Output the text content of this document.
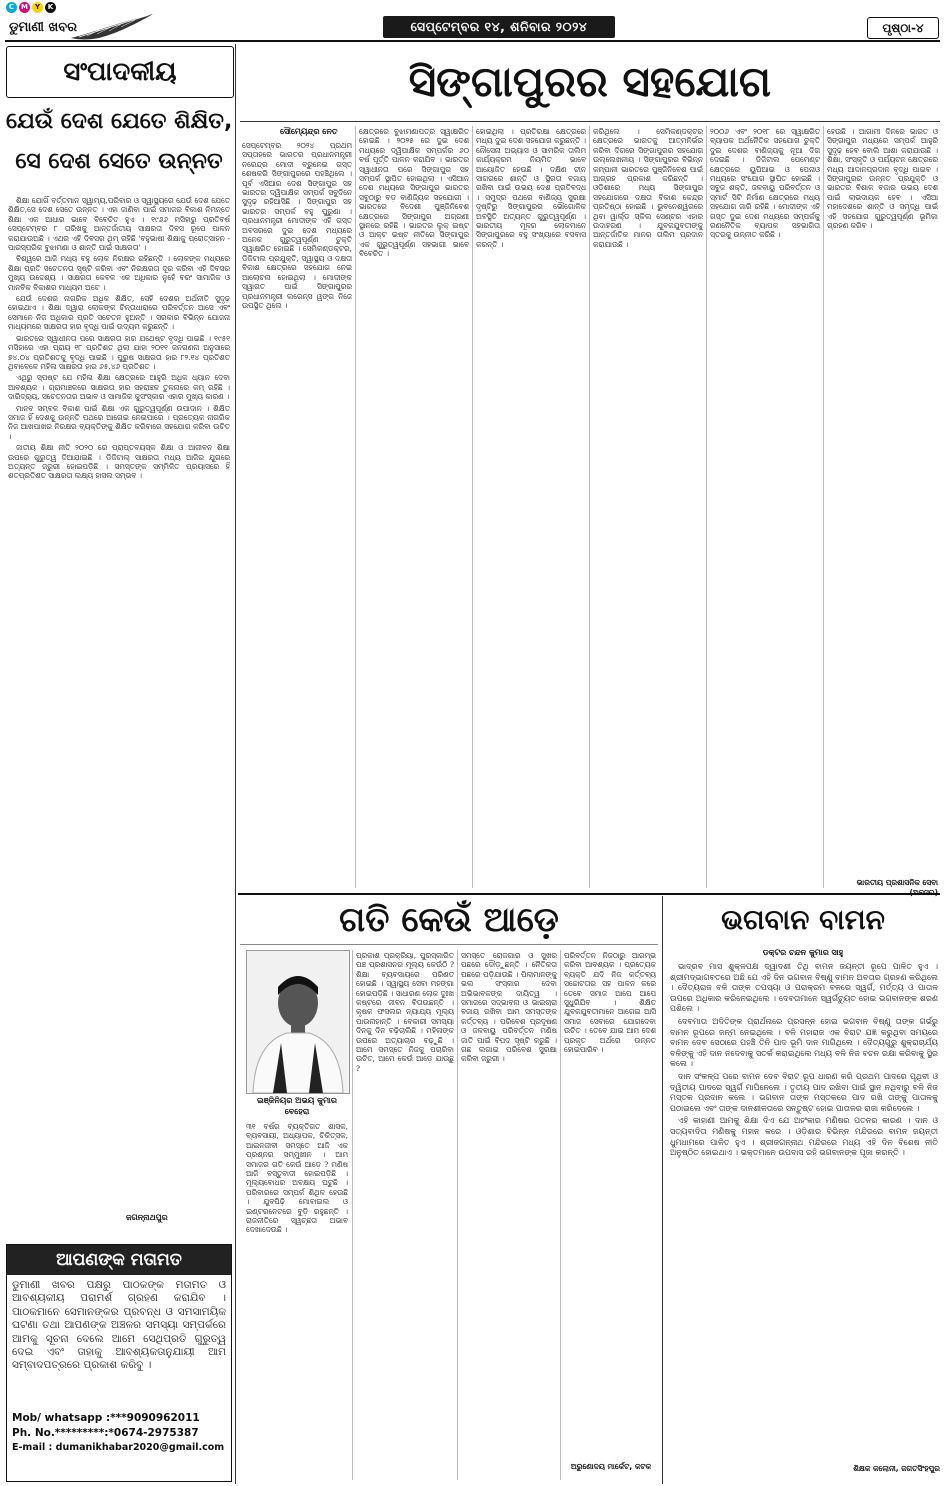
C M Y	K
ଡୁମାଣୀ ଖବର	ସେପ୍ଟେମ୍ବର ୧୪, ଶନିବାର ୨୦୨୪	ପୃଷ୍ଠା-୪
ସଂପାଦକୀୟ
ଯେଉଁ ଦେଶ ଯେତେ ଶିକ୍ଷିତ,
ସେ ଦେଶ ସେତେ ଉନ୍ନତ

ଶିକ୍ଷା ଯୋଗିଁ ବର୍ତ୍ତମାନ ସ୍ୱାମ୍ୟ,ପରିବାର ଓ ସ୍ୱାସ୍ଥ୍ୟରେ ଯେଉଁ ଦେଶ ଯେତେ ଶିକ୍ଷିତ,ସେ ଦେଶ ସେତେ ଉନ୍ନତ । ଏହା ଜାଣିବା ପାଇଁ ସମାଜର ବିକାଶ ନିମନ୍ତେ ଶିକ୍ଷା ଏକ ଆଧାର ଭାବେ ବିବେଚିତ ହୁଏ । ୧୯୬୬ ମସିହାରୁ ପ୍ରତିବର୍ଷ ସେପ୍ଟେମ୍ବର ୮ ତାରିଖକୁ ଆନ୍ତର୍ଜାତୀୟ ସାକ୍ଷରତା ଦିବସ ରୂପେ ପାଳନ କରାଯାଉଅଛି । ଏଥର ଏହି ଦିବସର ଥିମ୍ ରହିଛି 'ବହୁଭାଷୀ ଶିକ୍ଷାକୁ ପ୍ରୋତ୍ସାହନ - ପାରସ୍ପରିକ ବୁଝାମଣା ଓ ଶାନ୍ତି ପାଇଁ ସାକ୍ଷରତା' ।

ବିଶ୍ୱରେ ଆଜି ମଧ୍ୟ ବହୁ ଲୋକ ନିରକ୍ଷର ରହିଛନ୍ତି । ଲୋକଙ୍କ ମଧ୍ୟରେ ଶିକ୍ଷା ପ୍ରତି ସଚେତନତା ସୃଷ୍ଟି କରିବା ଏବଂ ନିରକ୍ଷରତା ଦୂର କରିବା ଏହି ଦିବସର ମୁଖ୍ୟ ଉଦ୍ଦେଶ୍ୟ । ସାକ୍ଷରତା କେବଳ ଏକ ଅଧିକାର ନୁହେଁ ବରଂ ସାମାଜିକ ଓ ମାନବିକ ବିକାଶର ମାଧ୍ୟମ ଅଟେ ।

ଯେଉଁ ଦେଶର ନାଗରିକ ଅଧିକ ଶିକ୍ଷିତ, ସେହି ଦେଶର ଅର୍ଥନୀତି ସୁଦୃଢ଼ ହୋଇଥାଏ । ଶିକ୍ଷା ଦ୍ୱାରା ଲୋକଙ୍କ ଚିନ୍ତାଧାରାରେ ପରିବର୍ତ୍ତନ ଆସେ ଏବଂ ସେମାନେ ନିଜ ଅଧିକାର ପ୍ରତି ସଚେତନ ହୁଅନ୍ତି । ସରକାର ବିଭିନ୍ନ ଯୋଜନା ମାଧ୍ୟମରେ ସାକ୍ଷରତା ହାର ବୃଦ୍ଧି ପାଇଁ ଉଦ୍ୟମ କରୁଛନ୍ତି ।

ଭାରତରେ ସ୍ୱାଧୀନତା ପରେ ସାକ୍ଷରତା ହାର ଯଥେଷ୍ଟ ବୃଦ୍ଧି ପାଇଛି । ୧୯୫୧ ମସିହାରେ ଏହା ପ୍ରାୟ ୧୮ ପ୍ରତିଶତ ଥିଲା ଯାହା ୨୦୧୧ ଜନଗଣନା ଅନୁସାରେ ୭୪.୦୪ ପ୍ରତିଶତକୁ ବୃଦ୍ଧି ପାଇଛି । ପୁରୁଷ ସାକ୍ଷରତା ହାର ୮୨.୧୪ ପ୍ରତିଶତ ଥିବାବେଳେ ମହିଳା ସାକ୍ଷରତା ହାର ୬୫.୪୬ ପ୍ରତିଶତ ।

ଏଥିରୁ ସ୍ପଷ୍ଟ ଯେ ମହିଳା ଶିକ୍ଷା କ୍ଷେତ୍ରରେ ଆହୁରି ଅଧିକ ଧ୍ୟାନ ଦେବା ଆବଶ୍ୟକ । ଗ୍ରାମାଞ୍ଚଳରେ ସାକ୍ଷରତା ହାର ସହରାଞ୍ଚଳ ତୁଳନାରେ କମ୍ ରହିଛି । ଦାରିଦ୍ର୍ୟ, ସଚେତନତାର ଅଭାବ ଓ ସାମାଜିକ କୁସଂସ୍କାର ଏହାର ମୁଖ୍ୟ କାରଣ ।

ମାନବ ସମ୍ବଳ ବିକାଶ ପାଇଁ ଶିକ୍ଷା ଏକ ଗୁରୁତ୍ୱପୂର୍ଣ୍ଣ ଉପାଦାନ । ଶିକ୍ଷିତ ସମାଜ ହିଁ ଦେଶକୁ ଉନ୍ନତି ପଥରେ ଆଗେଇ ନେଇପାରେ । ପ୍ରତ୍ୟେକ ନାଗରିକ ନିଜ ଆଖପାଖର ନିରକ୍ଷର ବ୍ୟକ୍ତିଙ୍କୁ ଶିକ୍ଷିତ କରିବାରେ ସହଯୋଗ କରିବା ଉଚିତ ।

ଜାତୀୟ ଶିକ୍ଷା ନୀତି ୨୦୨୦ ରେ ପ୍ରାପ୍ତବୟସ୍କ ଶିକ୍ଷା ଓ ଆଜୀବନ ଶିକ୍ଷା ଉପରେ ଗୁରୁତ୍ୱ ଦିଆଯାଇଛି । ଡିଜିଟାଲ୍ ସାକ୍ଷରତା ମଧ୍ୟ ଆଜିର ଯୁଗରେ ଅତ୍ୟନ୍ତ ଜରୁରୀ ହୋଇପଡ଼ିଛି । ସମସ୍ତଙ୍କ ସମ୍ମିଳିତ ପ୍ରୟାସରେ ହିଁ ଶତପ୍ରତିଶତ ସାକ୍ଷରତା ଲକ୍ଷ୍ୟ ହାସଲ ସମ୍ଭବ ।

ଜଗନ୍ନାଥପୁର
ଆପଣଙ୍କ ମତାମତ
ଡୁମାଣୀ ଖବର ପକ୍ଷରୁ ପାଠକଙ୍କ ମତାମତ ଓ ଆବଶ୍ୟକୀୟ ପରାମର୍ଶ ଗ୍ରହଣ କରାଯିବ । ପାଠକମାନେ ସେମାନଙ୍କର ପ୍ରବନ୍ଧ ଓ ସମସାମୟିକ ଘଟଣା ତଥା ଆପଣଙ୍କ ଅଞ୍ଚଳର ସମସ୍ୟା ସମ୍ପର୍କରେ ଆମକୁ ସୂଚନା ଦେଲେ ଆମେ ସେଥିପ୍ରତି ଗୁରୁତ୍ୱ ଦେଇ ଏବଂ ତାହାକୁ ଆବଶ୍ୟକତାନୁଯାୟୀ ଆମ ସମ୍ବାଦପତ୍ରରେ ପ୍ରକାଶ କରିବୁ ।
Mob/ whatsapp :***9090962011
Ph. No.*********:*0674-2975387
E-mail : dumanikhabar2020@gmail.com
ସିଙ୍ଗାପୁରର ସହଯୋଗ
ସୌମ୍ୟେନ୍ଦ୍ର ନେତ
ସେପ୍ଟେମ୍ବର ୨୦୨୪ ପ୍ରଥମ ସପ୍ତାହରେ ଭାରତର ପ୍ରଧାନମନ୍ତ୍ରୀ ନରେନ୍ଦ୍ର ମୋଦୀ ବ୍ରୁନେଇ ଗସ୍ତ ଶେଷକରି ସିଙ୍ଗାପୁରରେ ପହଞ୍ଚିଥିଲେ । ପୂର୍ବ ଏସିଆର ଦେଶ ସିଙ୍ଗାପୁର ସହ ଭାରତର ଦ୍ୱିପାକ୍ଷିକ ସମ୍ପର୍କ ସବୁଦିନେ ସୁଦୃଢ଼ ରହିଆସିଛି । ସିଙ୍ଗାପୁର ସହ ଭାରତର ସମ୍ପର୍କ ବହୁ ପୁରୁଣା । ପ୍ରଧାନମନ୍ତ୍ରୀ ମୋଦୀଙ୍କ ଏହି ଗସ୍ତ ଅବସରରେ ଦୁଇ ଦେଶ ମଧ୍ୟରେ ଅନେକ ଗୁରୁତ୍ୱପୂର୍ଣ୍ଣ ଚୁକ୍ତି ସ୍ୱାକ୍ଷରିତ ହୋଇଛି । ସେମିକଣ୍ଡକ୍ଟର, ଡିଜିଟାଲ ପ୍ରଯୁକ୍ତି, ସ୍ୱାସ୍ଥ୍ୟ ଓ ଦକ୍ଷତା ବିକାଶ କ୍ଷେତ୍ରରେ ସହଯୋଗ ନେଇ ଆଲୋଚନା ହୋଇଥିଲା । ମୋଦୀଙ୍କ ସ୍ୱାଗତ ପାଇଁ ସିଙ୍ଗାପୁରର ପ୍ରଧାନମନ୍ତ୍ରୀ ଲରେନ୍ସ ୱଙ୍ଗ ନିଜେ ଉପସ୍ଥିତ ଥିଲେ ।
କ୍ଷେତ୍ରରେ ବୁଝାମଣାପତ୍ର ସ୍ୱାକ୍ଷରିତ ହୋଇଛି । ୨୦୨୫ ରେ ଦୁଇ ଦେଶ ମଧ୍ୟରେ ଦ୍ୱିପାକ୍ଷିକ ସମ୍ପର୍କର ୬୦ ବର୍ଷ ପୂର୍ତ୍ତି ପାଳନ କରାଯିବ । ଭାରତର ସ୍ୱାଧୀନତା ପରେ ସିଙ୍ଗାପୁର ସହ ସମ୍ପର୍କ ସ୍ଥାପିତ ହୋଇଥିଲା । ଏସିଆନ ଦେଶ ମଧ୍ୟରେ ସିଙ୍ଗାପୁର ଭାରତର ସବୁଠାରୁ ବଡ଼ ବାଣିଜ୍ୟିକ ସହଯୋଗୀ । ଭାରତରେ ବିଦେଶୀ ପୁଞ୍ଜିନିବେଶ କ୍ଷେତ୍ରରେ ସିଙ୍ଗାପୁର ଅଗ୍ରଣୀ ସ୍ଥାନରେ ରହିଛି । ଭାରତର ଲୁକ୍ ଇଷ୍ଟ ଓ ଆକ୍ଟ ଇଷ୍ଟ ନୀତିରେ ସିଙ୍ଗାପୁର ଏକ ଗୁରୁତ୍ୱପୂର୍ଣ୍ଣ ସହଭାଗୀ ଭାବେ ବିବେଚିତ ।
ହୋଇଥିଲା । ପ୍ରତିରକ୍ଷା କ୍ଷେତ୍ରରେ ମଧ୍ୟ ଦୁଇ ଦେଶ ସହଯୋଗ କରୁଛନ୍ତି । ନୌସେନା ଅଭ୍ୟାସ ଓ ସାମରିକ ତାଲିମ କାର୍ଯ୍ୟକ୍ରମ ନିୟମିତ ଭାବେ ଆୟୋଜିତ ହେଉଛି । ଦକ୍ଷିଣ ଚୀନ ସାଗରରେ ଶାନ୍ତି ଓ ସ୍ଥିରତା ବଜାୟ ରଖିବା ପାଇଁ ଉଭୟ ଦେଶ ପ୍ରତିବଦ୍ଧ । ସମୁଦ୍ର ପଥରେ ବାଣିଜ୍ୟ ସୁରକ୍ଷା ଦୃଷ୍ଟିରୁ ସିଙ୍ଗାପୁରର ଭୌଗୋଳିକ ଅବସ୍ଥିତି ଅତ୍ୟନ୍ତ ଗୁରୁତ୍ୱପୂର୍ଣ୍ଣ । ଭାରତୀୟ ମୂଳର ଲୋକମାନେ ସିଙ୍ଗାପୁରରେ ବହୁ ସଂଖ୍ୟାରେ ବସବାସ କରନ୍ତି ।
କରିଥିଲେ । ସେମିକଣ୍ଡକ୍ଟର କ୍ଷେତ୍ରରେ ଭାରତକୁ ଆତ୍ମନିର୍ଭର କରିବା ଦିଗରେ ସିଙ୍ଗାପୁରର ସହଯୋଗ ଉଲ୍ଲେଖନୀୟ । ସିଙ୍ଗାପୁରର ବିଭିନ୍ନ କମ୍ପାନୀ ଭାରତରେ ପୁଞ୍ଜିନିବେଶ ପାଇଁ ଆଗ୍ରହ ପ୍ରକାଶ କରିଛନ୍ତି । ଓଡ଼ିଶାରେ ମଧ୍ୟ ସିଙ୍ଗାପୁର ସହଯୋଗରେ ଦକ୍ଷତା ବିକାଶ କେନ୍ଦ୍ର ପ୍ରତିଷ୍ଠା ହୋଇଛି । ଭୁବନେଶ୍ୱରରେ ଥିବା ୱାର୍ଲ୍ଡ ସ୍କିଲ ସେଣ୍ଟର ଏହାର ଉଦାହରଣ । ଯୁବକଯୁବତୀଙ୍କୁ ଆନ୍ତର୍ଜାତିକ ମାନର ତାଲିମ ପ୍ରଦାନ କରାଯାଉଛି ।
୨୦୦୬ ଏବଂ ୨୦୧୮ ରେ ସ୍ୱାକ୍ଷରିତ ବ୍ୟାପକ ଅର୍ଥନୈତିକ ସହଯୋଗ ଚୁକ୍ତି ଦୁଇ ଦେଶର ବାଣିଜ୍ୟକୁ ନୂଆ ଦିଗ ଦେଇଛି । ଡିଜିଟାଲ ପେମେଣ୍ଟ କ୍ଷେତ୍ରରେ ୟୁପିଆଇ ଓ ପେନାଓ ମଧ୍ୟରେ ସଂଯୋଗ ସ୍ଥାପିତ ହୋଇଛି । ସବୁଜ ଶକ୍ତି, ଜଳବାୟୁ ପରିବର୍ତ୍ତନ ଓ ସ୍ମାର୍ଟ ସିଟି ନିର୍ମାଣ କ୍ଷେତ୍ରରେ ମଧ୍ୟ ସହଯୋଗ ଜାରି ରହିଛି । ମୋଦୀଙ୍କ ଏହି ଗସ୍ତ ଦୁଇ ଦେଶ ମଧ୍ୟରେ ସମ୍ପର୍କକୁ ରଣନୈତିକ ବ୍ୟାପକ ସହଭାଗିତା ସ୍ତରକୁ ଉନ୍ନୀତ କରିଛି ।
ହେଉଛି । ଆଗାମୀ ଦିନରେ ଭାରତ ଓ ସିଙ୍ଗାପୁର ମଧ୍ୟରେ ସମ୍ପର୍କ ଆହୁରି ସୁଦୃଢ଼ ହେବ ବୋଲି ଆଶା କରାଯାଉଛି । ଶିକ୍ଷା, ସଂସ୍କୃତି ଓ ପର୍ଯ୍ୟଟନ କ୍ଷେତ୍ରରେ ମଧ୍ୟ ଆଦାନପ୍ରଦାନ ବୃଦ୍ଧି ପାଇବ । ସିଙ୍ଗାପୁରର ଉନ୍ନତ ପ୍ରଯୁକ୍ତି ଓ ଭାରତର ବିଶାଳ ବଜାର ଉଭୟ ଦେଶ ପାଇଁ ଲାଭଦାୟକ ହେବ । ଏସିଆ ମହାଦେଶରେ ଶାନ୍ତି ଓ ସମୃଦ୍ଧି ପାଇଁ ଏହି ସହଯୋଗ ଗୁରୁତ୍ୱପୂର୍ଣ୍ଣ ଭୂମିକା ଗ୍ରହଣ କରିବ ।
ଭାରତୀୟ ପ୍ରଶାସନିକ ସେବା
ଗତି କେଉଁ ଆଡ଼େ
ଇଞ୍ଜିନିୟର ଅଭୟ କୁମାର
ବେହେରା
୩୧ ବର୍ଷର ବ୍ୟକ୍ତିଗତ ଶାସକ, ବ୍ୟବସାୟୀ, ଅଧ୍ୟାପକ, ଚିକିତ୍ସକ, ଆଇନଜୀବୀ ସମସ୍ତେ ଆଜି ଏକ ପ୍ରଶ୍ନର ସମ୍ମୁଖୀନ । ଆମ ସମାଜର ଗତି କେଉଁ ଆଡ଼େ ? ମଣିଷ ଆଜି ବସ୍ତୁବାଦୀ ହୋଇପଡ଼ିଛି । ମୂଲ୍ୟବୋଧର ଅବକ୍ଷୟ ଘଟୁଛି । ପରିବାରରେ ସମ୍ପର୍କ ଶିଥିଳ ହେଉଛି । ଯୁବପିଢ଼ି ମୋବାଇଲ ଓ ଇଣ୍ଟରନେଟରେ ବୁଡ଼ି ରହୁଛନ୍ତି । ରାଜନୀତିରେ ସ୍ୱଚ୍ଛତା ଅଭାବ ଦେଖାଦେଉଛି ।
ପ୍ରକାଶ ପ୍ରକ୍ରିୟା, ପୁରସ୍କାରିତ ପଞ୍ଚ ପ୍ରଶାସନର ମୂଲ୍ୟ କେଉଁଠି ? ଶିକ୍ଷା ବ୍ୟବସାୟରେ ପରିଣତ ହୋଇଛି । ସ୍ୱାସ୍ଥ୍ୟ ସେବା ମହଙ୍ଗା ହୋଇପଡ଼ିଛି । ସାଧାରଣ ଲୋକ ଦୁଃଖ କଷ୍ଟରେ ଜୀବନ ବିତାଉଛନ୍ତି । କୃଷକ ଫସଲର ନ୍ୟାଯ୍ୟ ମୂଲ୍ୟ ପାଉନାହାନ୍ତି । ବେକାରୀ ସମସ୍ୟା ଦିନକୁ ଦିନ ବଢ଼ିଚାଲିଛି । ମହିଳାଙ୍କ ଉପରେ ଅତ୍ୟାଚାର ବଢ଼ୁଛି । ଆମେ ସମସ୍ତେ ନିଜକୁ ପଚାରିବା ଉଚିତ, ଆମେ କେଉଁ ଆଡ଼େ ଯାଉଛୁ ?
ସମସ୍ତେ ରୋଜଗାର ଓ ସୁଖର ପଛରେ ଦୌଡ଼ୁଛନ୍ତି । ନୈତିକତା ପଛରେ ପଡ଼ିଯାଉଛି । ପିଲାମାନଙ୍କୁ ଭଲ ସଂସ୍କାର ଦେବା ଅଭିଭାବକଙ୍କ ଦାୟିତ୍ୱ । ସମାଜରେ ସଦ୍ଭାବନା ଓ ଭାଇଚାରା ବଜାୟ ରଖିବା ଆମ ସମସ୍ତଙ୍କ କର୍ତ୍ତବ୍ୟ । ପରିବେଶ ପ୍ରଦୂଷଣ ଓ ଜଳବାୟୁ ପରିବର୍ତ୍ତନ ମଣିଷ ଜାତି ପାଇଁ ବିପଦ ସୃଷ୍ଟି କରୁଛି । ଗଛ ଲଗାଇ ପରିବେଶ ସୁରକ୍ଷା କରିବା ଜରୁରୀ ।
ପରିବର୍ତ୍ତନ ନିଜଠାରୁ ଆରମ୍ଭ କରିବା ଆବଶ୍ୟକ । ପ୍ରତ୍ୟେକ ବ୍ୟକ୍ତି ଯଦି ନିଜ କର୍ତ୍ତବ୍ୟ ସଚ୍ଚୋଟତାର ସହ ପାଳନ କରେ ତେବେ ସମାଜ ଆପେ ଆପେ ସୁଧୁରିଯିବ । ଶିକ୍ଷିତ ଯୁବକଯୁବତୀମାନେ ଆଗେଇ ଆସି ସମାଜ ସେବାରେ ଯୋଗଦେବା ଉଚିତ । ତେବେ ଯାଇ ଆମ ଦେଶ ପ୍ରକୃତ ଅର୍ଥରେ ଉନ୍ନତ ହୋଇପାରିବ ।
ଅରୁଣୋଦୟ ମାର୍କେଟ, କଟକ
ଭଗବାନ ବାମନ
ଡକ୍ଟର ଚନ୍ଦନ କୁମାର ସାହୁ

ଭାଦ୍ରବ ମାସ ଶୁକ୍ଳପକ୍ଷ ଦ୍ୱାଦଶୀ ତିଥି ବାମନ ଜୟନ୍ତୀ ରୂପେ ପାଳିତ ହୁଏ । ଶ୍ରୀମଦ୍ଭାଗବତରେ ଅଛି ଯେ ଏହି ଦିନ ଭଗବାନ ବିଷ୍ଣୁ ବାମନ ଅବତାର ଗ୍ରହଣ କରିଥିଲେ । ଦୈତ୍ୟରାଜ ବଳି ତାଙ୍କ ତପସ୍ୟା ଓ ପରାକ୍ରମ ବଳରେ ସ୍ୱର୍ଗ, ମର୍ତ୍ତ୍ୟ ଓ ପାତାଳ ଉପରେ ଅଧିକାର କରିନେଇଥିଲେ । ଦେବତାମାନେ ସ୍ୱର୍ଗଚ୍ୟୁତ ହୋଇ ଭଗବାନଙ୍କ ଶରଣ ପଶିଲେ ।

ଦେବମାତା ଅଦିତିଙ୍କ ପ୍ରାର୍ଥନାରେ ପ୍ରସନ୍ନ ହୋଇ ଭଗବାନ ବିଷ୍ଣୁ ତାଙ୍କ ଗର୍ଭରୁ ବାମନ ରୂପରେ ଜନ୍ମ ନେଇଥିଲେ । ବଳି ମହାରାଜ ଏକ ବିରାଟ ଯଜ୍ଞ କରୁଥିବା ସମୟରେ ବାମନ ଦେବ ସେଠାରେ ପହଞ୍ଚି ତିନି ପାଦ ଭୂମି ଦାନ ମାଗିଥିଲେ । ଦୈତ୍ୟଗୁରୁ ଶୁକ୍ରାଚାର୍ଯ୍ୟ ବଳିଙ୍କୁ ଏହି ଦାନ ନଦେବାକୁ ସତର୍କ କରାଇଥିଲେ ମଧ୍ୟ ବଳି ନିଜ ବଚନ ରକ୍ଷା କରିବାକୁ ସ୍ଥିର କଲେ ।

ଦାନ ସଂକଳ୍ପ ପରେ ବାମନ ଦେବ ବିରାଟ ରୂପ ଧାରଣ କରି ପ୍ରଥମ ପାଦରେ ପୃଥିବୀ ଓ ଦ୍ୱିତୀୟ ପାଦରେ ସ୍ୱର୍ଗ ମାପିନେଲେ । ତୃତୀୟ ପାଦ ରଖିବା ପାଇଁ ସ୍ଥାନ ନଥିବାରୁ ବଳି ନିଜ ମସ୍ତକ ପ୍ରଦାନ କଲେ । ଭଗବାନ ତାଙ୍କ ମସ୍ତକରେ ପାଦ ରଖି ତାଙ୍କୁ ପାତାଳକୁ ପଠାଇଲେ ଏବଂ ତାଙ୍କ ଦାନଶୀଳତାରେ ସନ୍ତୁଷ୍ଟ ହୋଇ ପାତାଳର ରାଜା କରିଦେଲେ ।

ଏହି କାହାଣୀ ଆମକୁ ଶିକ୍ଷା ଦିଏ ଯେ ଅହଂକାର ମଣିଷର ପତନର କାରଣ । ଦାନ ଓ ସତ୍ୟବାଦିତା ମଣିଷକୁ ମହାନ କରେ । ଓଡ଼ିଶାର ବିଭିନ୍ନ ମନ୍ଦିରରେ ବାମନ ଜୟନ୍ତୀ ଧୁମଧାମରେ ପାଳିତ ହୁଏ । ଶ୍ରୀଜଗନ୍ନାଥ ମନ୍ଦିରରେ ମଧ୍ୟ ଏହି ଦିନ ବିଶେଷ ନୀତି ଅନୁଷ୍ଠିତ ହୋଇଥାଏ । ଭକ୍ତମାନେ ଉପବାସ ରହି ଭଗବାନଙ୍କ ପୂଜା କରନ୍ତି ।

ଶିକ୍ଷକ କଲୋନୀ, ଜଗତସିଂହପୁର
